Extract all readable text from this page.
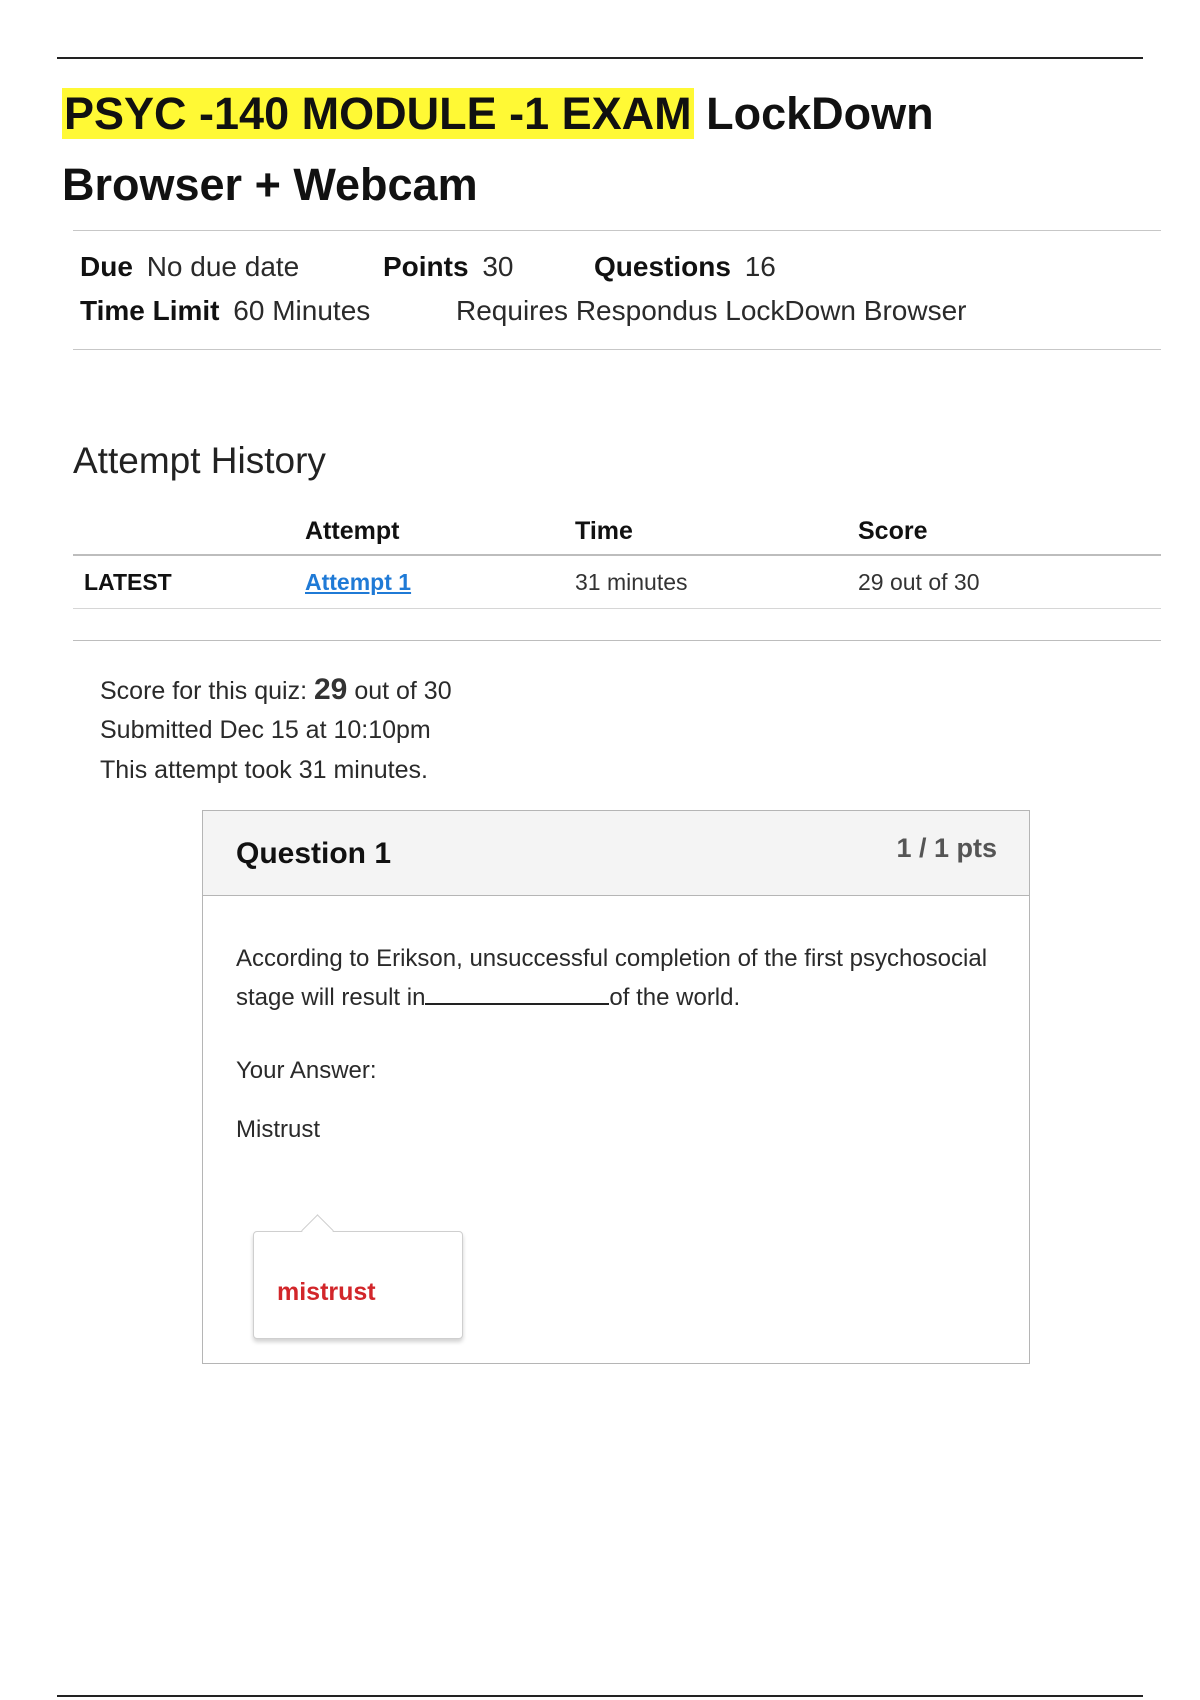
PSYC -140 MODULE -1 EXAM LockDown Browser + Webcam
Due No due date	Points 30	Questions 16
Time Limit 60 Minutes	Requires Respondus LockDown Browser
Attempt History
	Attempt	Time	Score
LATEST	Attempt 1	31 minutes	29 out of 30
Score for this quiz: 29 out of 30
Submitted Dec 15 at 10:10pm
This attempt took 31 minutes.
Question 1	1 / 1 pts
According to Erikson, unsuccessful completion of the first psychosocial stage will result in	of the world.
Your Answer:
Mistrust
mistrust
